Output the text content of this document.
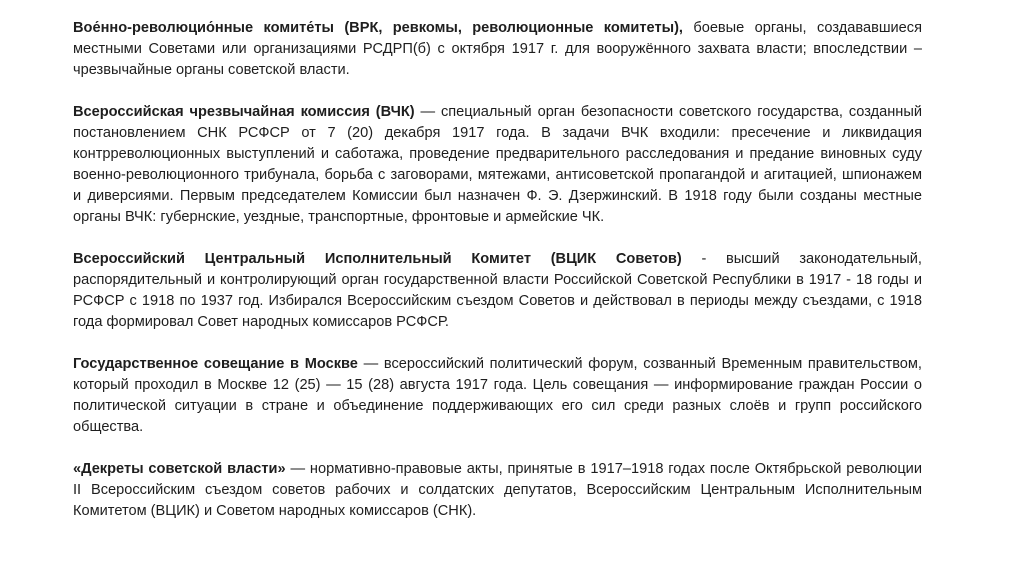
Вое́нно-революцио́нные комите́ты (ВРК, ревкомы, революционные комитеты), боевые органы, создававшиеся местными Советами или организациями РСДРП(б) с октября 1917 г. для вооружённого захвата власти; впоследствии – чрезвычайные органы советской власти.

Всероссийская чрезвычайная комиссия (ВЧК) — специальный орган безопасности советского государства, созданный постановлением СНК РСФСР от 7 (20) декабря 1917 года. В задачи ВЧК входили: пресечение и ликвидация контрреволюционных выступлений и саботажа, проведение предварительного расследования и предание виновных суду военно-революционного трибунала, борьба с заговорами, мятежами, антисоветской пропагандой и агитацией, шпионажем и диверсиями. Первым председателем Комиссии был назначен Ф. Э. Дзержинский. В 1918 году были созданы местные органы ВЧК: губернские, уездные, транспортные, фронтовые и армейские ЧК.

Всероссийский Центральный Исполнительный Комитет (ВЦИК Советов) - высший законодательный, распорядительный и контролирующий орган государственной власти Российской Советской Республики в 1917 - 18 годы и РСФСР с 1918 по 1937 год. Избирался Всероссийским съездом Советов и действовал в периоды между съездами, с 1918 года формировал Совет народных комиссаров РСФСР.

Государственное совещание в Москве — всероссийский политический форум, созванный Временным правительством, который проходил в Москве 12 (25) — 15 (28) августа 1917 года. Цель совещания — информирование граждан России о политической ситуации в стране и объединение поддерживающих его сил среди разных слоёв и групп российского общества.

«Декреты советской власти» — нормативно-правовые акты, принятые в 1917–1918 годах после Октябрьской революции II Всероссийским съездом советов рабочих и солдатских депутатов, Всероссийским Центральным Исполнительным Комитетом (ВЦИК) и Советом народных комиссаров (СНК).
